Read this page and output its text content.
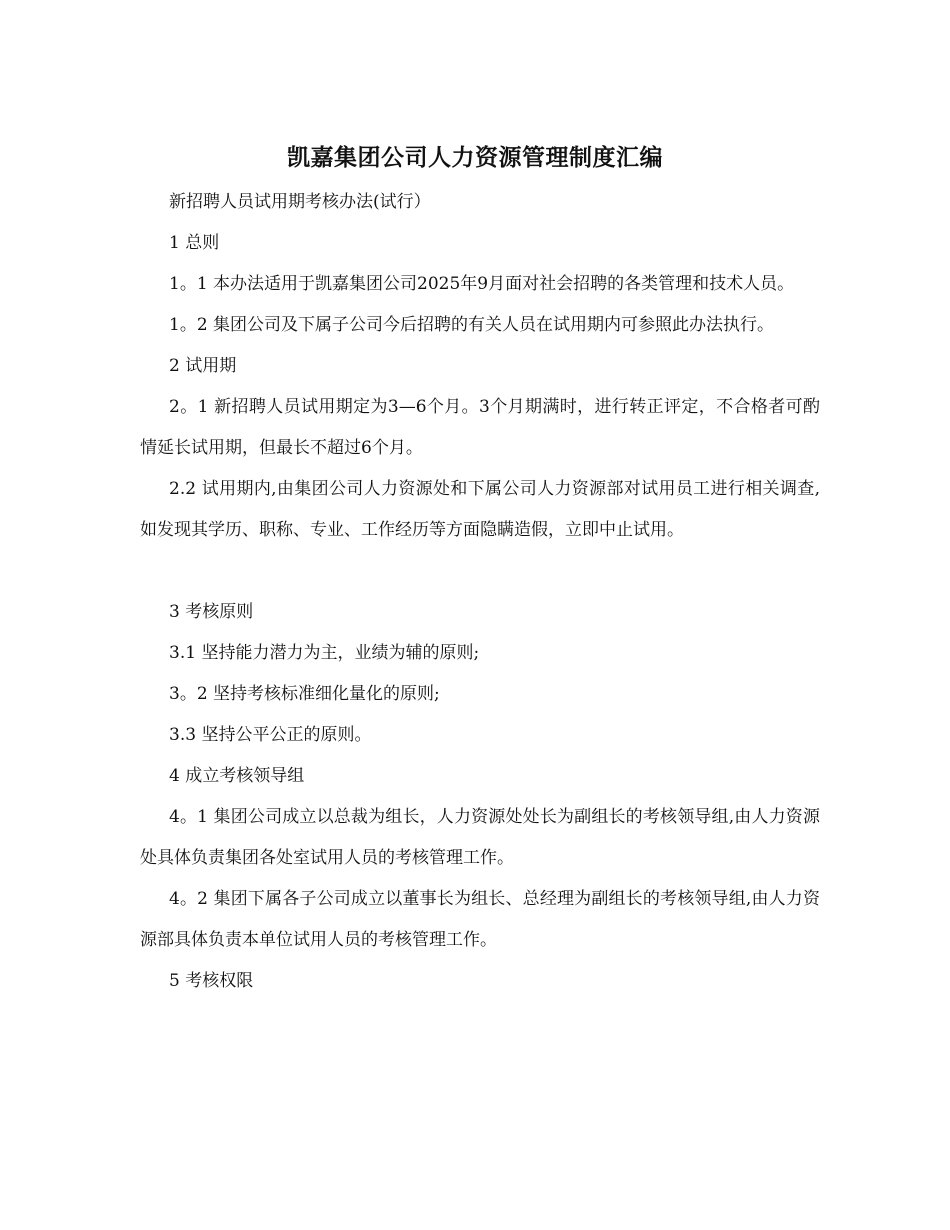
凯嘉集团公司人力资源管理制度汇编

新招聘人员试用期考核办法(试行）

1 总则

1。1 本办法适用于凯嘉集团公司2025年9月面对社会招聘的各类管理和技术人员。

1。2 集团公司及下属子公司今后招聘的有关人员在试用期内可参照此办法执行。

2 试用期

2。1 新招聘人员试用期定为3—6个月。3个月期满时，进行转正评定，不合格者可酌情延长试用期，但最长不超过6个月。

2.2 试用期内,由集团公司人力资源处和下属公司人力资源部对试用员工进行相关调查,如发现其学历、职称、专业、工作经历等方面隐瞒造假，立即中止试用。

3 考核原则

3.1 坚持能力潜力为主，业绩为辅的原则;

3。2 坚持考核标准细化量化的原则;

3.3 坚持公平公正的原则。

4 成立考核领导组

4。1 集团公司成立以总裁为组长，人力资源处处长为副组长的考核领导组,由人力资源处具体负责集团各处室试用人员的考核管理工作。

4。2 集团下属各子公司成立以董事长为组长、总经理为副组长的考核领导组,由人力资源部具体负责本单位试用人员的考核管理工作。

5 考核权限
